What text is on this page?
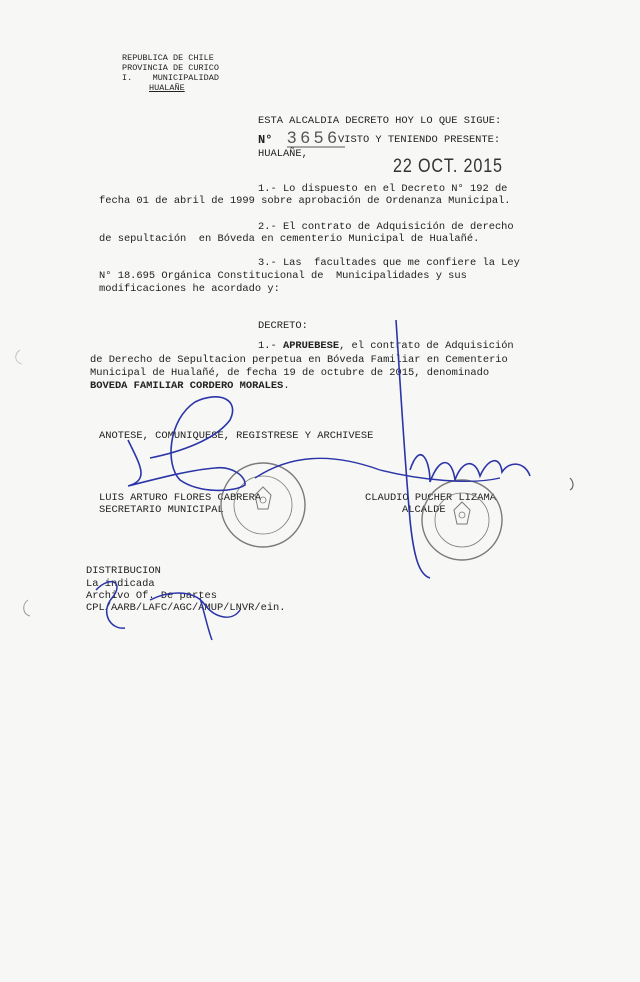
REPUBLICA DE CHILE
PROVINCIA DE CURICO
I.    MUNICIPALIDAD
HUALAÑE
ESTA ALCALDIA DECRETO HOY LO QUE SIGUE:
N° 3656
VISTO Y TENIENDO PRESENTE:
HUALAÑE,
22 OCT. 2015
1.- Lo dispuesto en el Decreto N° 192 de
fecha 01 de abril de 1999 sobre aprobación de Ordenanza Municipal.
2.- El contrato de Adquisición de derecho
de sepultación  en Bóveda en cementerio Municipal de Hualañé.
3.- Las  facultades que me confiere la Ley
N° 18.695 Orgánica Constitucional de  Municipalidades y sus
modificaciones he acordado y:
DECRETO:
1.- APRUEBESE, el contrato de Adquisición
de Derecho de Sepultacion perpetua en Bóveda Familiar en Cementerio
Municipal de Hualañé, de fecha 19 de octubre de 2015, denominado
BOVEDA FAMILIAR CORDERO MORALES.
ANOTESE, COMUNIQUESE, REGISTRESE Y ARCHIVESE
LUIS ARTURO FLORES CABRERA
SECRETARIO MUNICIPAL
CLAUDIO PUCHER LIZAMA
ALCALDE
DISTRIBUCION
La indicada
Archivo Of. De partes
CPL/AARB/LAFC/AGC/AMUP/LNVR/ein.
